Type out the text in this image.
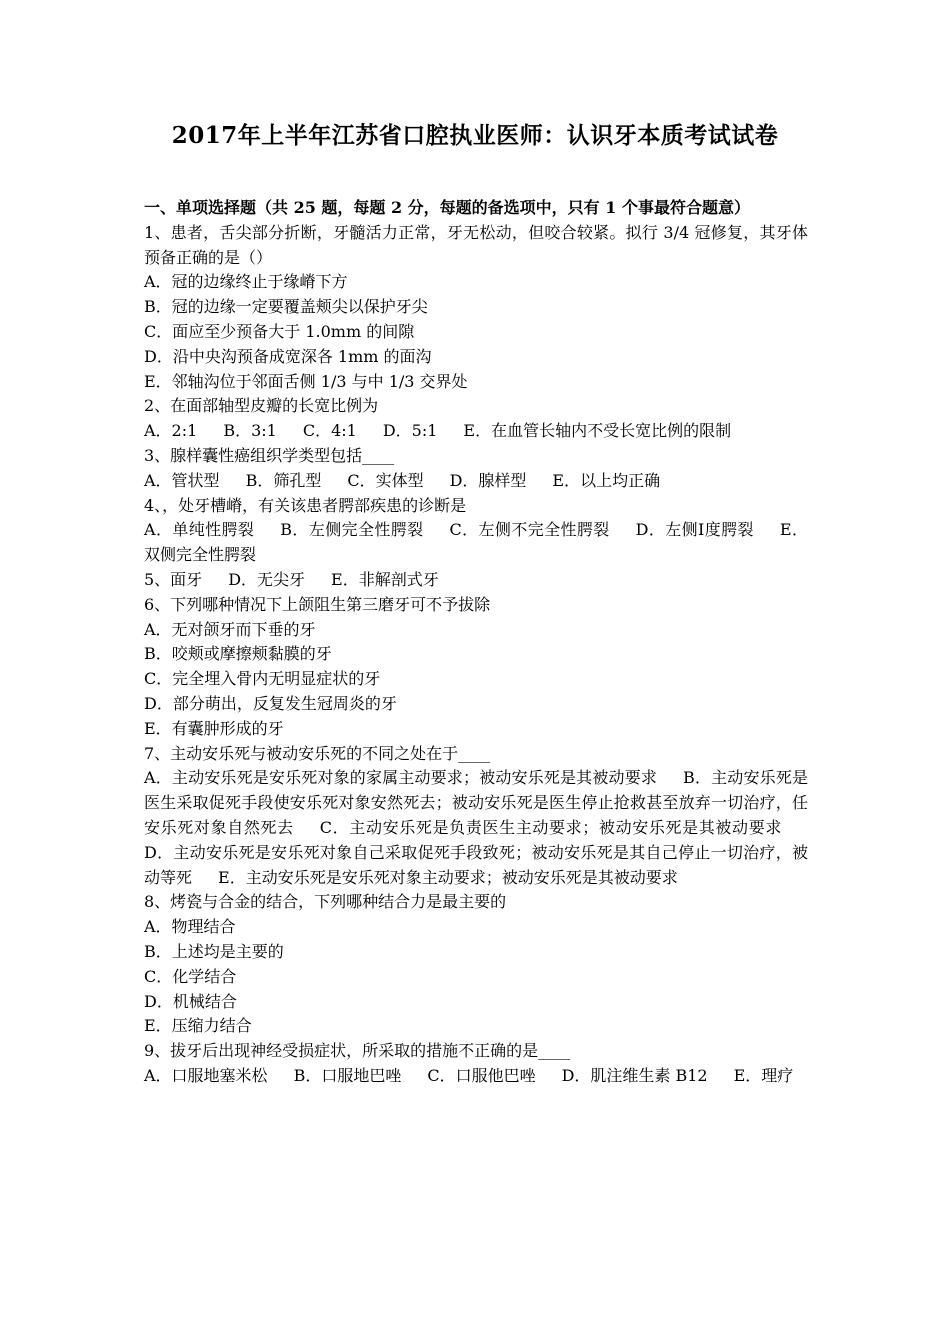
2017年上半年江苏省口腔执业医师：认识牙本质考试试卷
一、单项选择题（共 25 题，每题 2 分，每题的备选项中，只有 1 个事最符合题意）
1、患者，舌尖部分折断，牙髓活力正常，牙无松动，但咬合较紧。拟行 3/4 冠修复，其牙体预备正确的是（）
A．冠的边缘终止于缘嵴下方
B．冠的边缘一定要覆盖颊尖以保护牙尖
C．面应至少预备大于 1.0mm 的间隙
D．沿中央沟预备成宽深各 1mm 的面沟
E．邻轴沟位于邻面舌侧 1/3 与中 1/3 交界处
2、在面部轴型皮瓣的长宽比例为
A．2:1 B．3:1 C．4:1 D．5:1 E．在血管长轴内不受长宽比例的限制
3、腺样囊性癌组织学类型包括____
A．管状型 B．筛孔型 C．实体型 D．腺样型 E．以上均正确
4、，处牙槽嵴，有关该患者腭部疾患的诊断是
A．单纯性腭裂 B．左侧完全性腭裂 C．左侧不完全性腭裂 D．左侧Ⅰ度腭裂 E．双侧完全性腭裂
5、面牙 D．无尖牙 E．非解剖式牙
6、下列哪种情况下上颌阻生第三磨牙可不予拔除
A．无对颌牙而下垂的牙
B．咬颊或摩擦颊黏膜的牙
C．完全埋入骨内无明显症状的牙
D．部分萌出，反复发生冠周炎的牙
E．有囊肿形成的牙
7、主动安乐死与被动安乐死的不同之处在于____
A．主动安乐死是安乐死对象的家属主动要求；被动安乐死是其被动要求 B．主动安乐死是医生采取促死手段使安乐死对象安然死去；被动安乐死是医生停止抢救甚至放弃一切治疗，任安乐死对象自然死去 C．主动安乐死是负责医生主动要求；被动安乐死是其被动要求D．主动安乐死是安乐死对象自己采取促死手段致死；被动安乐死是其自己停止一切治疗，被动等死 E．主动安乐死是安乐死对象主动要求；被动安乐死是其被动要求
8、烤瓷与合金的结合，下列哪种结合力是最主要的
A．物理结合
B．上述均是主要的
C．化学结合
D．机械结合
E．压缩力结合
9、拔牙后出现神经受损症状，所采取的措施不正确的是____
A．口服地塞米松 B．口服地巴唑 C．口服他巴唑 D．肌注维生素 B12 E．理疗
